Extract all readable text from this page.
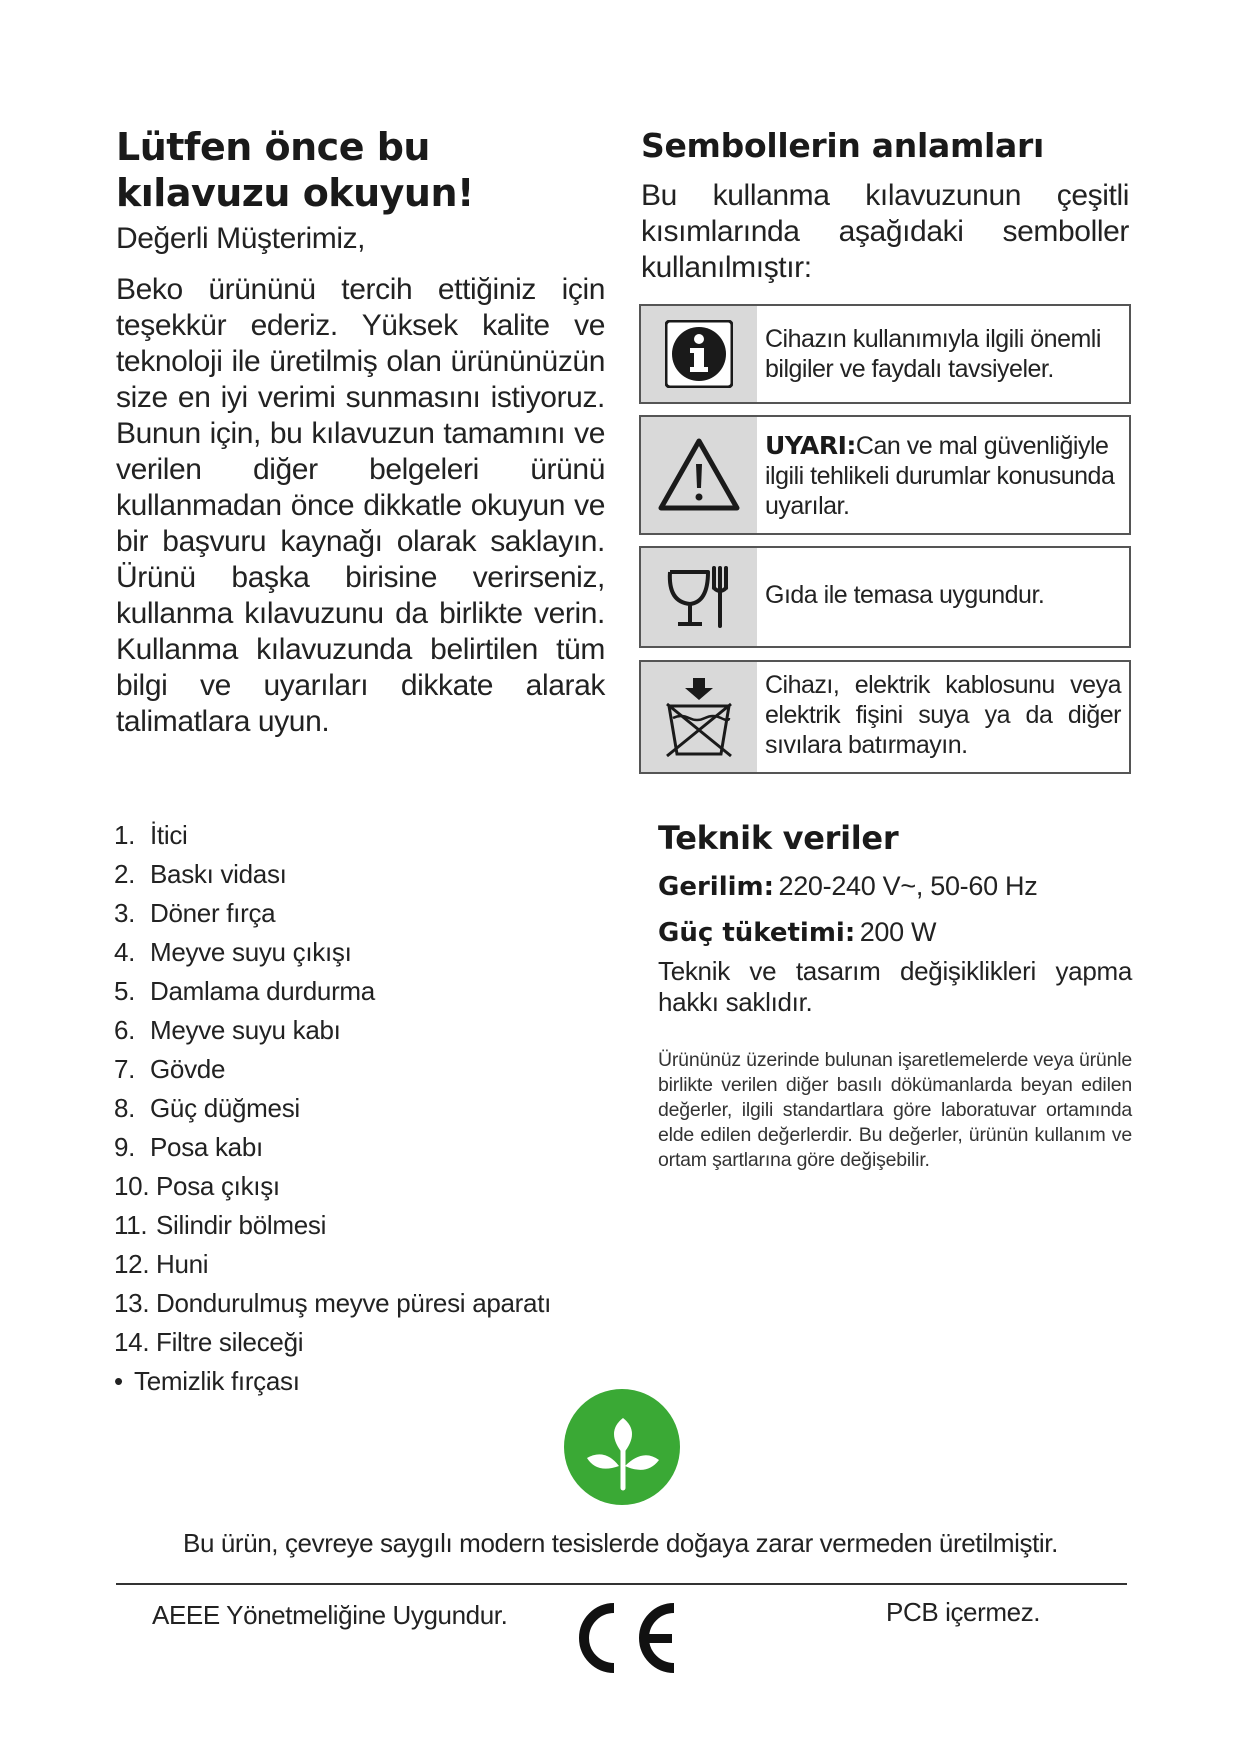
Lütfen önce bu kılavuzu okuyun!
Değerli Müşterimiz,
Beko ürününü tercih ettiğiniz için teşekkür ederiz. Yüksek kalite ve teknoloji ile üretilmiş olan ürününüzün size en iyi verimi sunmasını istiyoruz. Bunun için, bu kılavuzun tamamını ve verilen diğer belgeleri ürünü kullanmadan önce dikkatle okuyun ve bir başvuru kaynağı olarak saklayın. Ürünü başka birisine verirseniz, kullanma kılavuzunu da birlikte verin. Kullanma kılavuzunda belirtilen tüm bilgi ve uyarıları dikkate alarak talimatlara uyun.
Sembollerin anlamları
Bu kullanma kılavuzunun çeşitli kısımlarında aşağıdaki semboller kullanılmıştır:
Cihazın kullanımıyla ilgili önemli bilgiler ve faydalı tavsiyeler.
UYARI:Can ve mal güvenliğiyle ilgili tehlikeli durumlar konusunda uyarılar.
Gıda ile temasa uygundur.
Cihazı, elektrik kablosunu veya elektrik fişini suya ya da diğer sıvılara batırmayın.
1. İtici
2. Baskı vidası
3. Döner fırça
4. Meyve suyu çıkışı
5. Damlama durdurma
6. Meyve suyu kabı
7. Gövde
8. Güç düğmesi
9. Posa kabı
10. Posa çıkışı
11. Silindir bölmesi
12. Huni
13. Dondurulmuş meyve püresi aparatı
14. Filtre sileceği
• Temizlik fırçası
Teknik veriler
Gerilim: 220-240 V~, 50-60 Hz
Güç tüketimi: 200 W
Teknik ve tasarım değişiklikleri yapma hakkı saklıdır.
Ürününüz üzerinde bulunan işaretlemelerde veya ürünle birlikte verilen diğer basılı dökümanlarda beyan edilen değerler, ilgili standartlara göre laboratuvar ortamında elde edilen değerlerdir. Bu değerler, ürünün kullanım ve ortam şartlarına göre değişebilir.
Bu ürün, çevreye saygılı modern tesislerde doğaya zarar vermeden üretilmiştir.
AEEE Yönetmeliğine Uygundur.	PCB içermez.
